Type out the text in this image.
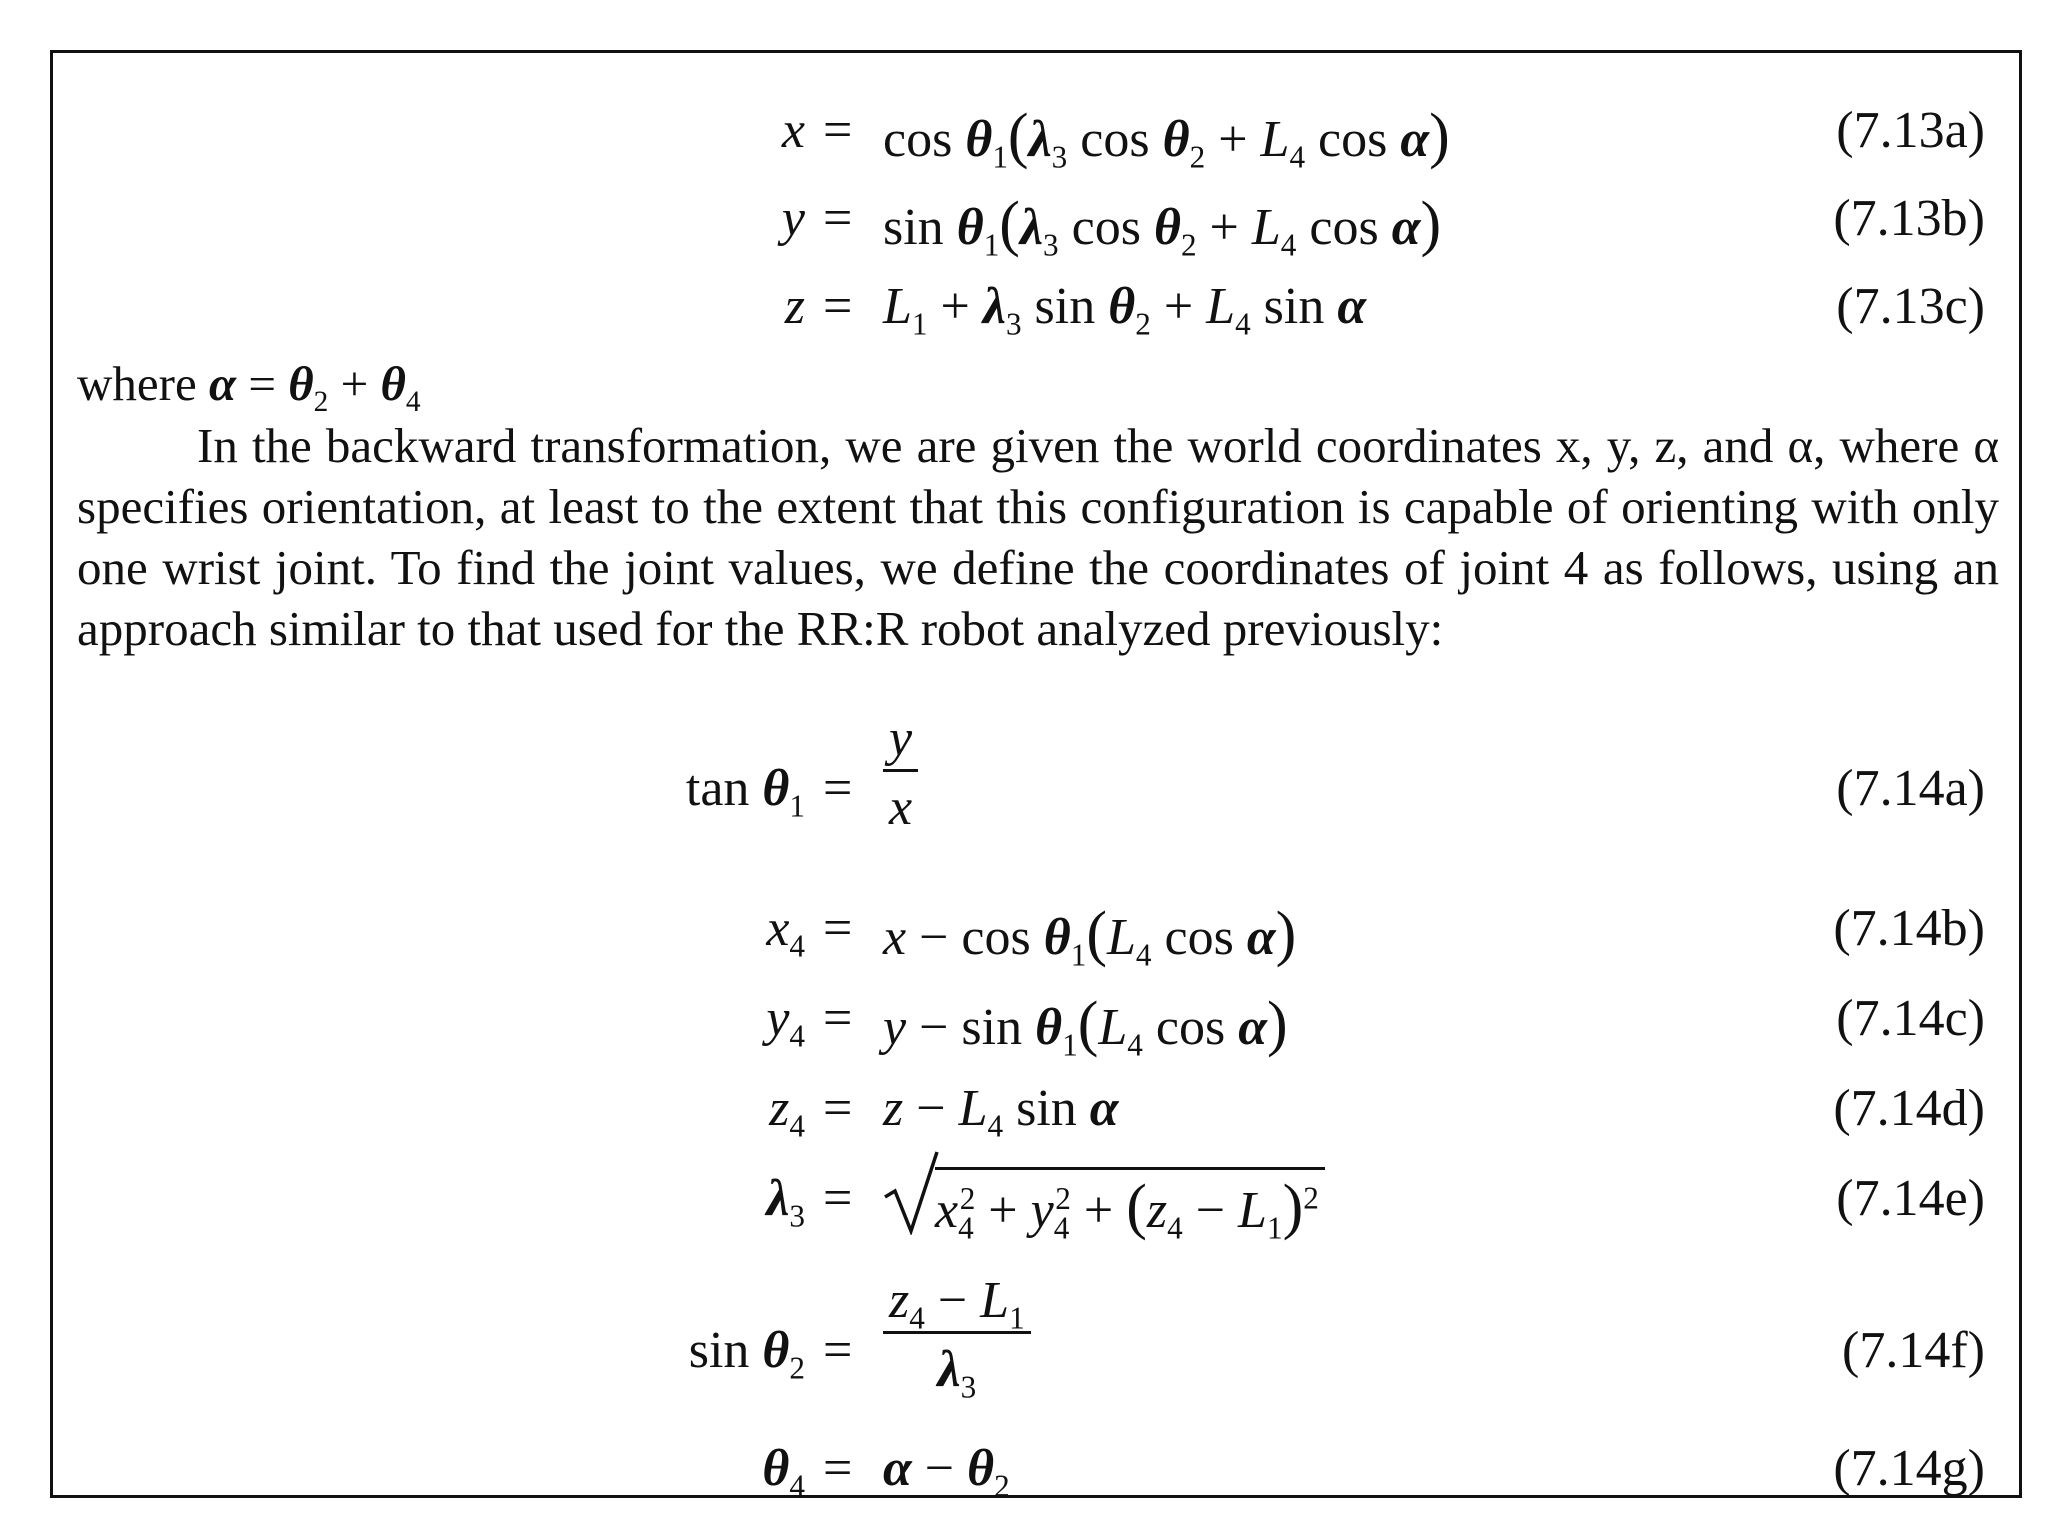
$x = \cos \theta_1(\lambda_3$ $\cos \theta_2 + L_4$ cos α)	(7.13a)
$y = \sin \theta_1(\lambda_3$ $\cos \theta_2 + L_4$ cos α)	(7.13b)
$z = L_1 + \lambda_3$ $\sin \theta_2 + L_4$ sin α	(7.13c)
where $\alpha = \theta_2 + \theta_4$

In the backward transformation, we are given the world coordinates x, y, z, and α, where α specifies orientation, at least to the extent that this configuration is capable of orienting with only one wrist joint. To find the joint values, we define the coordinates of joint 4 as follows, using an approach similar to that used for the RR:R robot analyzed previously:

$\tan \theta_1 = \frac{y}{x}$	(7.14a)
$x_4 = x - \cos \theta_1(L_4$ cos α)	(7.14b)
$y_4 = y - \sin \theta_1(L_4$ cos α)	(7.14c)
$z_4 = z - L_4$ sin α	(7.14d)
$\lambda_3$ =	$x_4^2 + y_4^2 + (z_4 - L_1)^2$	(7.14e)
$\sin \theta_2 = \frac{z_4 - L_1}{\lambda_3}$	(7.14f)
$\theta_4 = \alpha - \theta_2$	(7.14g)
